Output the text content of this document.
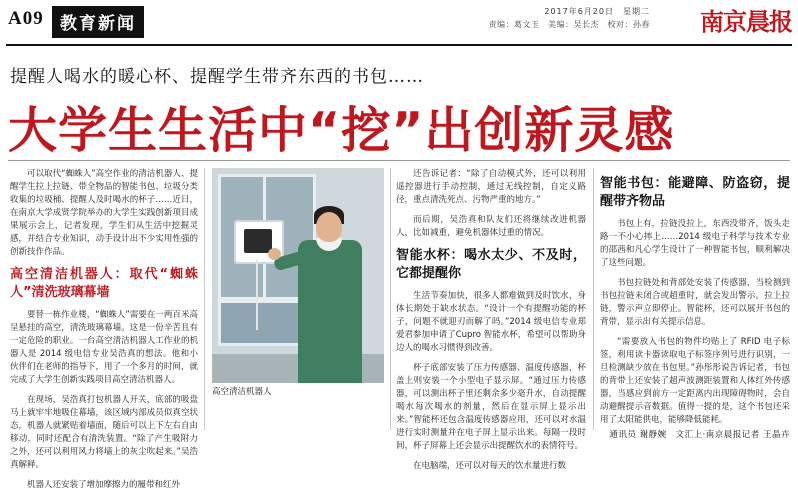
A09 教育新闻
2017年6月20日　星期二
责编：葛文玉　美编：吴长杰　校对：孙春 南京晨报
提醒人喝水的暖心杯、提醒学生带齐东西的书包……
大学生生活中“挖”出创新灵感

可以取代“蜘蛛人”高空作业的清洁机器人、提醒学生拉上拉链、带全物品的智能书包、垃圾分类收集的垃圾桶、提醒人及时喝水的杯子……近日，在南京大学成贤学院举办的大学生实践创新项目成果展示会上，记者发现，学生们从生活中挖掘灵感，并结合专业知识，动手设计出不少实用性强的创新技作作品。

高空清洁机器人：取代“蜘蛛人”清洗玻璃幕墙

要替一栋作业楼，“蜘蛛人”需要在一两百米高呈悬挂的高空，清洗玻璃幕墙。这是一份辛苦且有一定危险的职业。一台高空清洁机器人工作业的机器人是 2014 级电信专业吴浩真的想法。他和小伙伴们在老师的指导下，用了一个多月的时间，就完成了大学生创新实践项目高空清洁机器人。

在现场，吴浩真打包机器人开关，底部的吸盘马上就牢牢地吸住幕墙，该区域内部成员似真空状态，机器人就紧贴着墙面，随后可以上下左右自由移动，同时还配合有清洗装置。“除了产生吸附力之外，还可以利用风力将墙上的灰尘吹起来。”吴浩真解释。

机器人还安装了增加摩擦力的履带和红外

高空清洁机器人

还告诉记者：“除了自动模式外，还可以利用遥控器进行手动控制，通过无线控制，自定义路径，重点清洗死点、污物严重的地方。”

而后期，吴浩真和队友们还将继续改进机器人，比如减重，避免机器体过重的情况。

智能水杯：喝水太少、不及时，它都提醒你

生活节奏加快，很多人都难做到及时饮水，身体长期处于缺水状态。“设计一个有提醒功能的杯子，问题不就迎刃而解了吗。”2014 级电信专业郑爱君参加申请了Cupro 智能水杯，希望可以帮助身边人的喝水习惯得到改善。

杯子底部安装了压力传感器、温度传感器，杯盖上则安装一个小型电子显示屏。“通过压力传感器，可以测出杯子里还剩余多少毫升水，自动提醒喝水每次喝水的剂量，然后在显示屏上显示出来。”智能杯还包含温度传感器应用，还可以对水温进行实时测量并在电子屏上显示出来。每隔一段时间，杯子屏幕上还会显示出提醒饮水的表情符号。

在电脑端，还可以对每天的饮水量进行数

智能书包：能避障、防盗窃，提醒带齐物品

书包上有，拉链没拉上，东西没带齐，饭头走路一不小心摔上……2014 级电子科学与技术专业的邵茜和凡心学生设计了一种智能书包，顺利解决了这些问题。

书包拉链处和背部处安装了传感器，当检测到书包拉链未闭合或超重时，就会发出警示。拉上拉链，警示声立即停止。智能杯，还可以展开书包的背带，显示出有关提示信息。

“需要放入书包的物件均贴上了 RFID 电子标签，利用读卡器读取电子标签序列号进行识别，一旦检测缺少放在书包里。”孙彤彤说告诉记者，书包的背带上还安装了超声波测距装置和人体红外传感器，当感应到前方一定距离内出现障碍物时，会自动避醒提示音数据。值得一提的是，这个书包还采用了太阳能供电，能够降低能耗。

通讯员 谢静婉　文汇上·南京晨报记者 王晶卉
